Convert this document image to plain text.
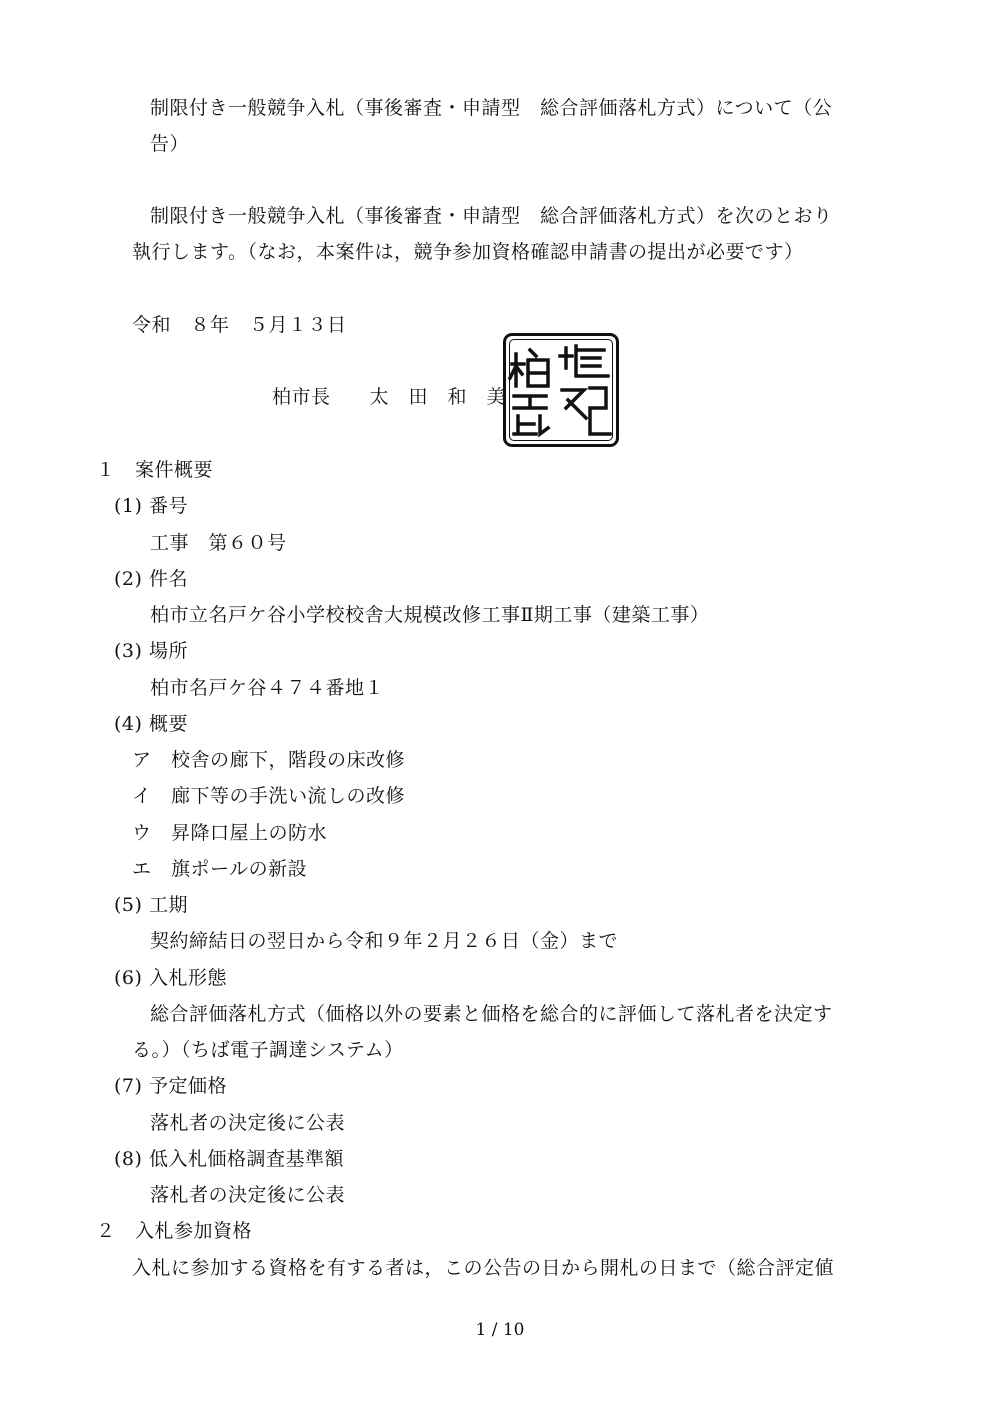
制限付き一般競争入札（事後審査・申請型　総合評価落札方式）について（公
告）
制限付き一般競争入札（事後審査・申請型　総合評価落札方式）を次のとおり
執行します。（なお，本案件は，競争参加資格確認申請書の提出が必要です）
令和　８年　５月１３日
柏市長　　太　田　和　美
１　案件概要
(1) 番号
工事　第６０号
(2) 件名
柏市立名戸ケ谷小学校校舎大規模改修工事Ⅱ期工事（建築工事）
(3) 場所
柏市名戸ケ谷４７４番地１
(4) 概要
ア　校舎の廊下，階段の床改修
イ　廊下等の手洗い流しの改修
ウ　昇降口屋上の防水
エ　旗ポールの新設
(5) 工期
契約締結日の翌日から令和９年２月２６日（金）まで
(6) 入札形態
総合評価落札方式（価格以外の要素と価格を総合的に評価して落札者を決定す
る。）（ちば電子調達システム）
(7) 予定価格
落札者の決定後に公表
(8) 低入札価格調査基準額
落札者の決定後に公表
２　入札参加資格
入札に参加する資格を有する者は，この公告の日から開札の日まで（総合評定値
1 / 10
